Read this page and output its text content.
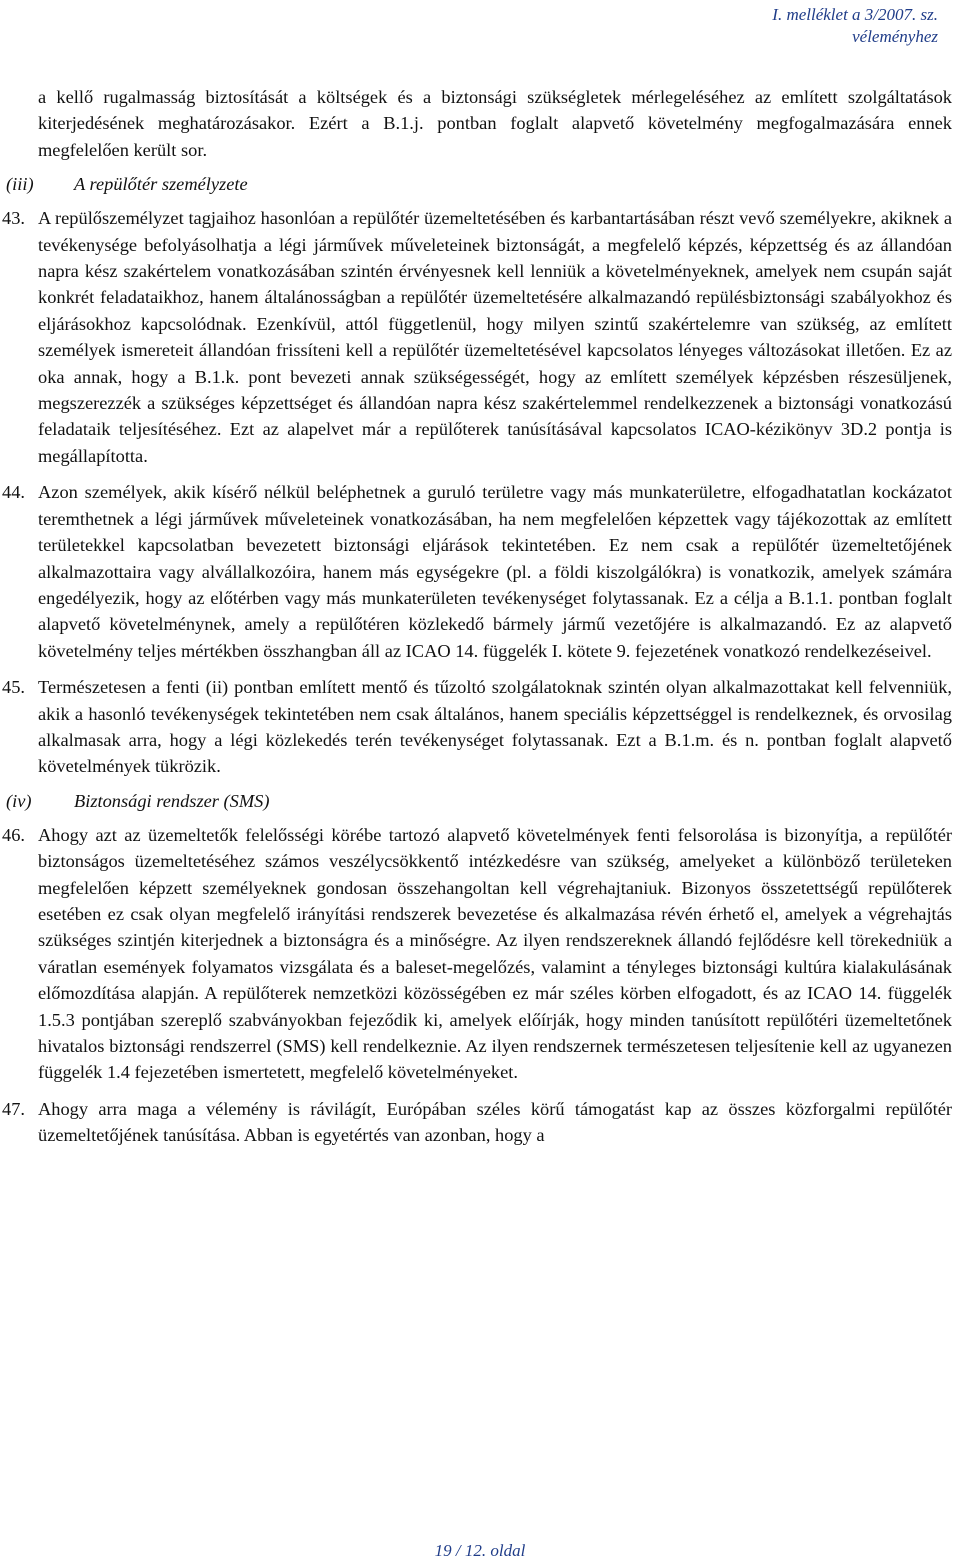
I. melléklet a 3/2007. sz.
véleményhez

a kellő rugalmasság biztosítását a költségek és a biztonsági szükségletek mérlegeléséhez az említett szolgáltatások kiterjedésének meghatározásakor. Ezért a B.1.j. pontban foglalt alapvető követelmény megfogalmazására ennek megfelelően került sor.

(iii) A repülőtér személyzete

43. A repülőszemélyzet tagjaihoz hasonlóan a repülőtér üzemeltetésében és karbantartásában részt vevő személyekre, akiknek a tevékenysége befolyásolhatja a légi járművek műveleteinek biztonságát, a megfelelő képzés, képzettség és az állandóan napra kész szakértelem vonatkozásában szintén érvényesnek kell lenniük a követelményeknek, amelyek nem csupán saját konkrét feladataikhoz, hanem általánosságban a repülőtér üzemeltetésére alkalmazandó repülésbiztonsági szabályokhoz és eljárásokhoz kapcsolódnak. Ezenkívül, attól függetlenül, hogy milyen szintű szakértelemre van szükség, az említett személyek ismereteit állandóan frissíteni kell a repülőtér üzemeltetésével kapcsolatos lényeges változásokat illetően. Ez az oka annak, hogy a B.1.k. pont bevezeti annak szükségességét, hogy az említett személyek képzésben részesüljenek, megszerezzék a szükséges képzettséget és állandóan napra kész szakértelemmel rendelkezzenek a biztonsági vonatkozású feladataik teljesítéséhez. Ezt az alapelvet már a repülőterek tanúsításával kapcsolatos ICAO-kézikönyv 3D.2 pontja is megállapította.

44. Azon személyek, akik kísérő nélkül beléphetnek a guruló területre vagy más munkaterületre, elfogadhatatlan kockázatot teremthetnek a légi járművek műveleteinek vonatkozásában, ha nem megfelelően képzettek vagy tájékozottak az említett területekkel kapcsolatban bevezetett biztonsági eljárások tekintetében. Ez nem csak a repülőtér üzemeltetőjének alkalmazottaira vagy alvállalkozóira, hanem más egységekre (pl. a földi kiszolgálókra) is vonatkozik, amelyek számára engedélyezik, hogy az előtérben vagy más munkaterületen tevékenységet folytassanak. Ez a célja a B.1.1. pontban foglalt alapvető követelménynek, amely a repülőtéren közlekedő bármely jármű vezetőjére is alkalmazandó. Ez az alapvető követelmény teljes mértékben összhangban áll az ICAO 14. függelék I. kötete 9. fejezetének vonatkozó rendelkezéseivel.

45. Természetesen a fenti (ii) pontban említett mentő és tűzoltó szolgálatoknak szintén olyan alkalmazottakat kell felvenniük, akik a hasonló tevékenységek tekintetében nem csak általános, hanem speciális képzettséggel is rendelkeznek, és orvosilag alkalmasak arra, hogy a légi közlekedés terén tevékenységet folytassanak. Ezt a B.1.m. és n. pontban foglalt alapvető követelmények tükrözik.

(iv) Biztonsági rendszer (SMS)

46. Ahogy azt az üzemeltetők felelősségi körébe tartozó alapvető követelmények fenti felsorolása is bizonyítja, a repülőtér biztonságos üzemeltetéséhez számos veszélycsökkentő intézkedésre van szükség, amelyeket a különböző területeken megfelelően képzett személyeknek gondosan összehangoltan kell végrehajtaniuk. Bizonyos összetettségű repülőterek esetében ez csak olyan megfelelő irányítási rendszerek bevezetése és alkalmazása révén érhető el, amelyek a végrehajtás szükséges szintjén kiterjednek a biztonságra és a minőségre. Az ilyen rendszereknek állandó fejlődésre kell törekedniük a váratlan események folyamatos vizsgálata és a baleset-megelőzés, valamint a tényleges biztonsági kultúra kialakulásának előmozdítása alapján. A repülőterek nemzetközi közösségében ez már széles körben elfogadott, és az ICAO 14. függelék 1.5.3 pontjában szereplő szabványokban fejeződik ki, amelyek előírják, hogy minden tanúsított repülőtéri üzemeltetőnek hivatalos biztonsági rendszerrel (SMS) kell rendelkeznie. Az ilyen rendszernek természetesen teljesítenie kell az ugyanezen függelék 1.4 fejezetében ismertetett, megfelelő követelményeket.

47. Ahogy arra maga a vélemény is rávilágít, Európában széles körű támogatást kap az összes közforgalmi repülőtér üzemeltetőjének tanúsítása. Abban is egyetértés van azonban, hogy a

19 / 12. oldal
